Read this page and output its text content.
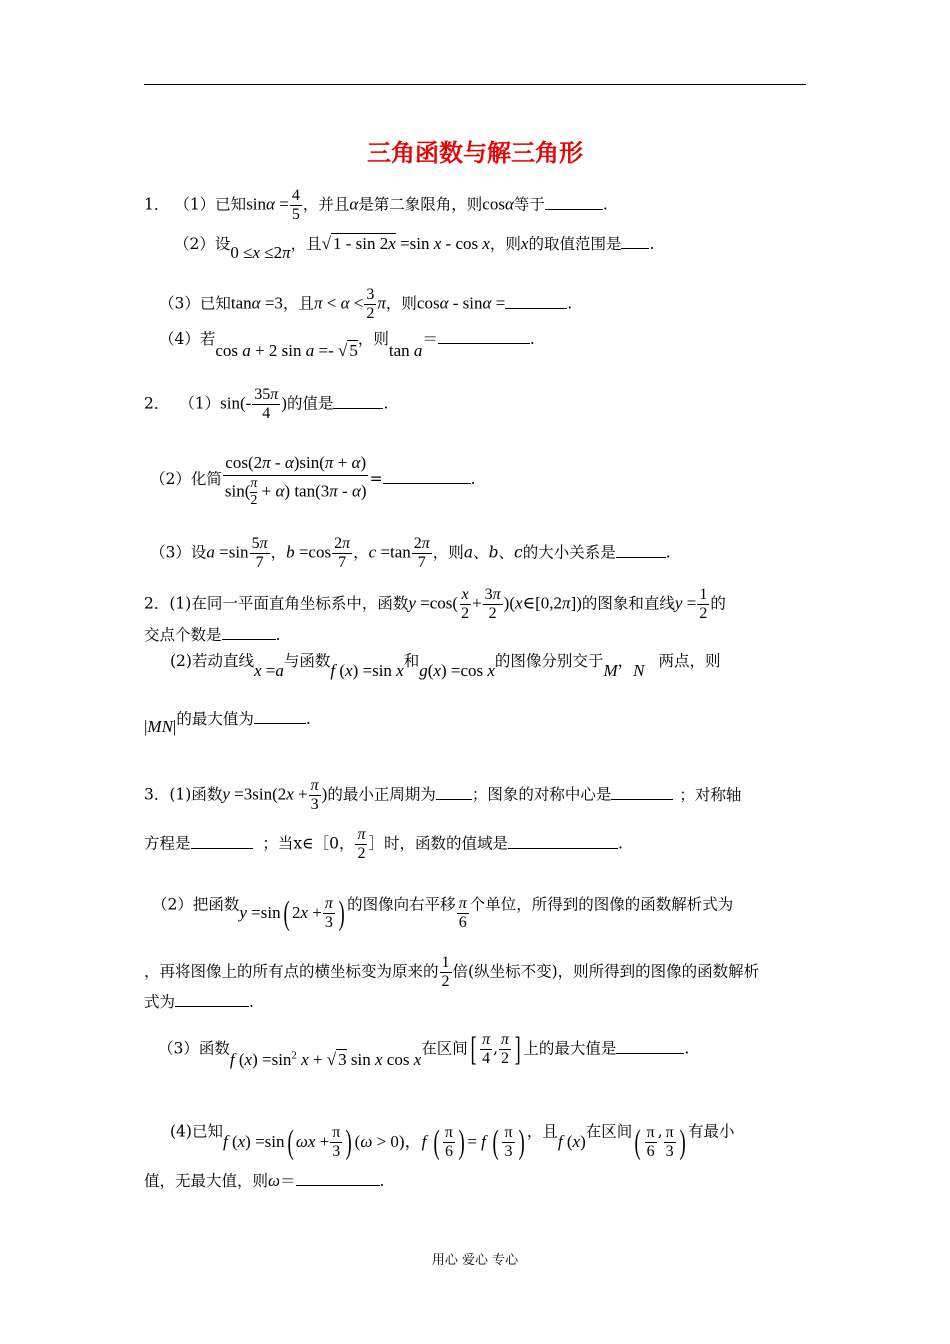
三角函数与解三角形
1． （1）已知$\sin\alpha = \frac{4}{5}$ ，并且α是第二象限角，则cosα等于	.
（2）设0 ≤x ≤2π，且√ 1 - sin 2x =sin x - cos x，则x的取值范围是 .
（3）已知tanα =3，且$\pi < \alpha < \frac{3}{2}$ π，则cosα - sinα =	.
（4）若cos a + 2 sin a =- √ 5，则tan a＝	.
2． $(1)\sin(- \frac{35\pi}{4}$ )的值是	.
（2）化简 $\frac{\cos(2\pi - \alpha)\sin(\pi + \alpha)}{\sin( \frac{\pi}{2} + \alpha) \tan(3\pi - \alpha)}$ =	.
（3）设$a =\sin \frac{5\pi}{7}$ ，$b =\cos \frac{2\pi}{7}$ ，$c =\tan \frac{2\pi}{7}$ ，则a、b、c的大小关系是	.
2．(1)在同一平面直角坐标系中，函数$y =\cos( \frac{x}{2} + \frac{3\pi}{2}$ )(x∈[0,2π])的图象和直线$y = \frac{1}{2}$ 的
交点个数是	.
(2)若动直线x =a与函数f (x) =sin x和g(x) =cos x的图像分别交于M，N 两点，则
|MN|的最大值为	.
3．(1)函数$y =3\sin(2x + \frac{\pi}{3}$ )的最小正周期为 ；图象的对称中心是	；对称轴
方程是	；当x∈［0， $\frac{\pi}{2}$ ］时，函数的值域是	.
（2）把函数y =sin( $2x + \frac{\pi}{3}$ ) 的图像向右平移 $\frac{\pi}{6}$ 个单位，所得到的图像的函数解析式为
，再将图像上的所有点的横坐标变为原来的 $\frac{1}{2}$ 倍(纵坐标不变)，则所得到的图像的函数解析
式为	.
（3）函数f $(x) =\sin^2$ x + √ 3 sin x cos x在区间[ $\frac{\pi}{4}$ , $\frac{\pi}{2}$ ] 上的最大值是	.
(4)已知f (x) =sin( $\omega x + \frac{\pi}{3}$ ) (ω > 0)，f ( $\frac{\pi}{6}$ ) = f ( $\frac{\pi}{3}$ ) ，且f (x)在区间( $\frac{\pi}{6}$ , $\frac{\pi}{3}$ ) 有最小
值，无最大值，则ω＝	.
用心 爱心 专心
